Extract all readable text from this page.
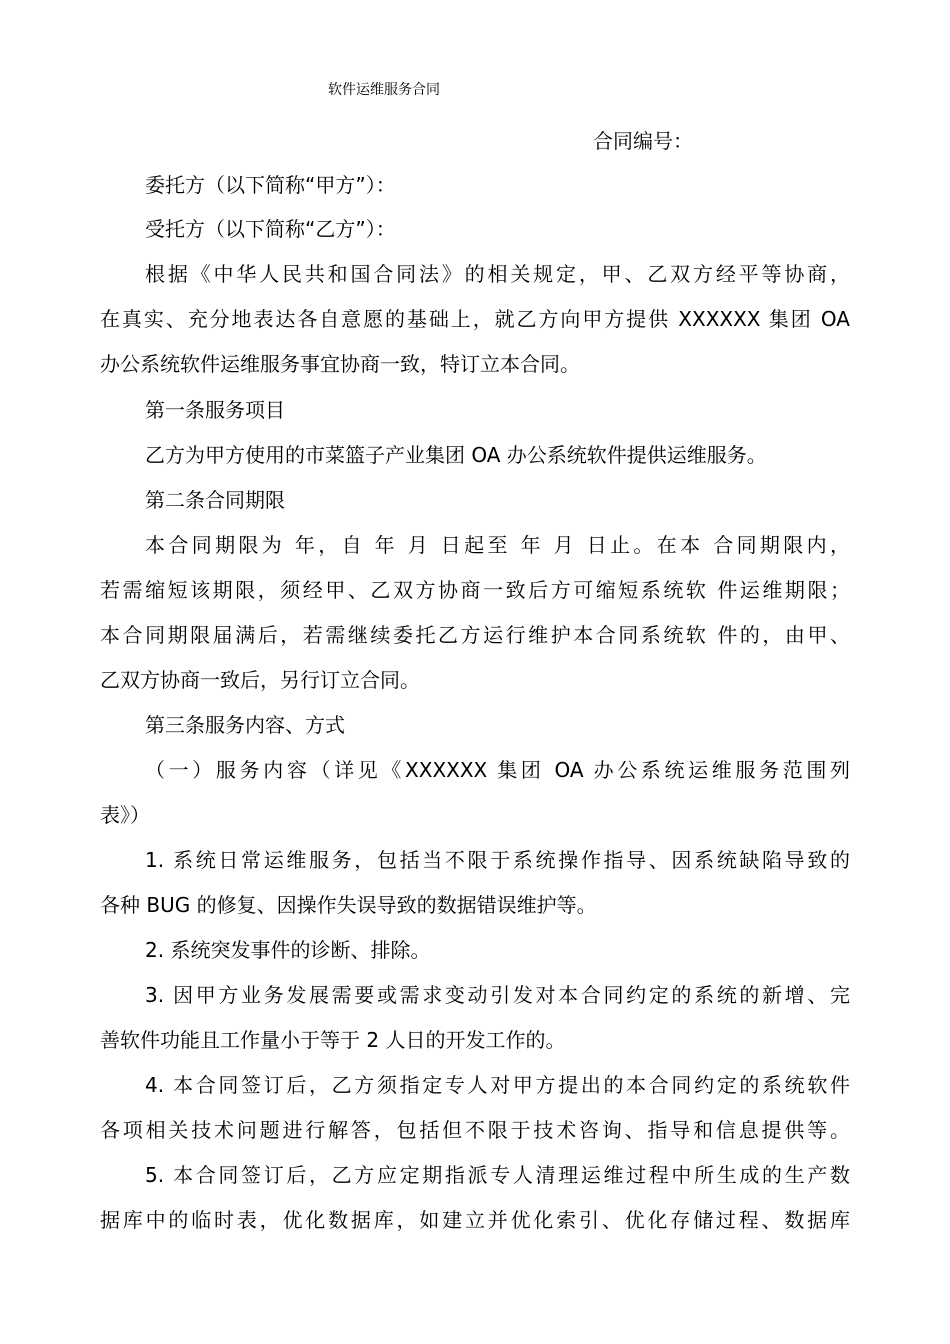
软件运维服务合同
合同编号：
委托方（以下简称“甲方”）：
受托方（以下简称“乙方”）：
根据《中华人民共和国合同法》的相关规定，甲、乙双方经平等协商，
在真实、充分地表达各自意愿的基础上，就乙方向甲方提供 XXXXXX 集团 OA
办公系统软件运维服务事宜协商一致，特订立本合同。
第一条服务项目
乙方为甲方使用的市菜篮子产业集团 OA 办公系统软件提供运维服务。
第二条合同期限
本合同期限为 年，自 年 月 日起至 年 月 日止。在本 合同期限内，
若需缩短该期限，须经甲、乙双方协商一致后方可缩短系统软 件运维期限；
本合同期限届满后，若需继续委托乙方运行维护本合同系统软 件的，由甲、
乙双方协商一致后，另行订立合同。
第三条服务内容、方式
（一）服务内容（详见《XXXXXX 集团 OA 办公系统运维服务范围列
表》）
1. 系统日常运维服务，包括当不限于系统操作指导、因系统缺陷导致的
各种 BUG 的修复、因操作失误导致的数据错误维护等。
2. 系统突发事件的诊断、排除。
3. 因甲方业务发展需要或需求变动引发对本合同约定的系统的新增、完
善软件功能且工作量小于等于 2 人日的开发工作的。
4. 本合同签订后，乙方须指定专人对甲方提出的本合同约定的系统软件
各项相关技术问题进行解答，包括但不限于技术咨询、指导和信息提供等。
5. 本合同签订后，乙方应定期指派专人清理运维过程中所生成的生产数
据库中的临时表，优化数据库，如建立并优化索引、优化存储过程、数据库
